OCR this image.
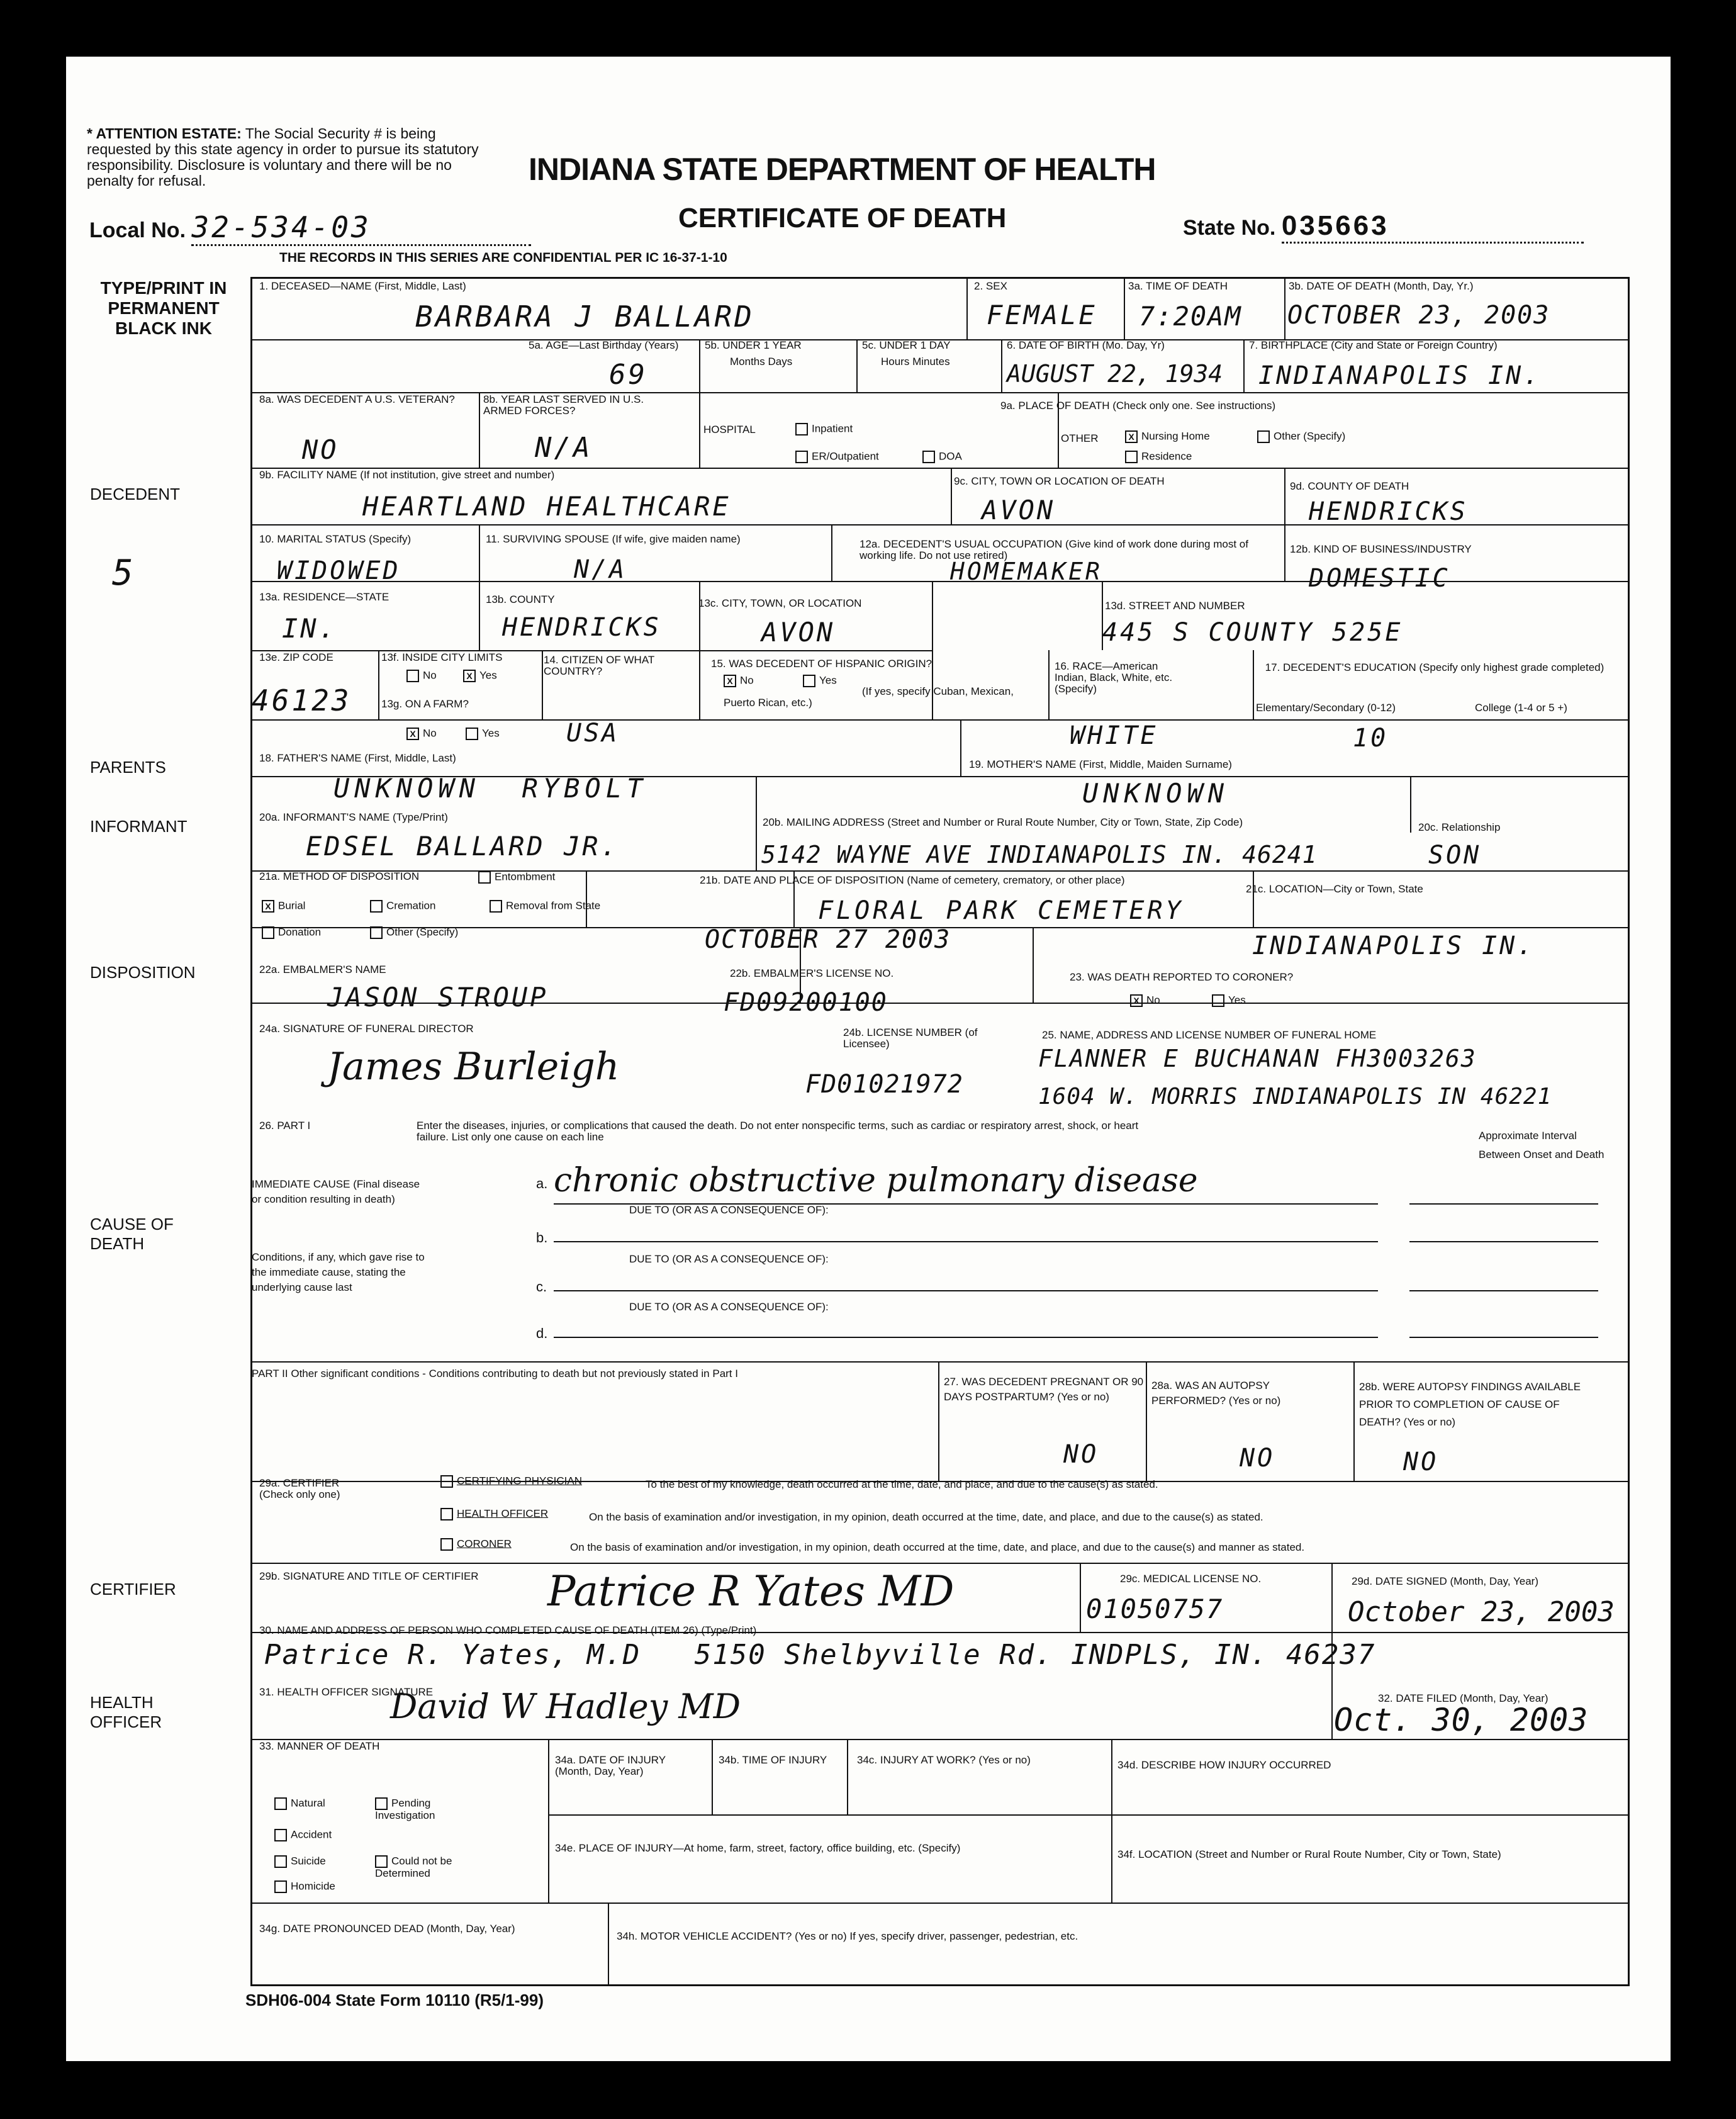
* ATTENTION ESTATE: The Social Security # is being requested by this state agency in order to pursue its statutory responsibility. Disclosure is voluntary and there will be no penalty for refusal.	INDIANA STATE DEPARTMENT OF HEALTH
CERTIFICATE OF DEATH
Local No. 32-534-03	State No. 035663
THE RECORDS IN THIS SERIES ARE CONFIDENTIAL PER IC 16-37-1-10
TYPE/PRINT IN PERMANENT BLACK INK
DECEDENT
5
PARENTS
INFORMANT
DISPOSITION
CAUSE OF DEATH
CERTIFIER
HEALTH OFFICER
1. DECEASED—NAME (First, Middle, Last)
BARBARA J BALLARD
2. SEX
FEMALE
3a. TIME OF DEATH
7:20AM
3b. DATE OF DEATH (Month, Day, Yr.)
OCTOBER 23, 2003
5a. AGE—Last Birthday (Years)
69
5b. UNDER 1 YEAR
Months Days
5c. UNDER 1 DAY
Hours Minutes
6. DATE OF BIRTH (Mo. Day, Yr)
AUGUST 22, 1934
7. BIRTHPLACE (City and State or Foreign Country)
INDIANAPOLIS IN.
8a. WAS DECEDENT A U.S. VETERAN?
NO
8b. YEAR LAST SERVED IN U.S. ARMED FORCES?
N/A
9a. PLACE OF DEATH (Check only one. See instructions)
HOSPITAL	Inpatient
ER/Outpatient	DOA
OTHER	X Nursing Home	Other (Specify)
Residence
9b. FACILITY NAME (If not institution, give street and number)
HEARTLAND HEALTHCARE
9c. CITY, TOWN OR LOCATION OF DEATH
AVON
9d. COUNTY OF DEATH
HENDRICKS
10. MARITAL STATUS (Specify)
WIDOWED
11. SURVIVING SPOUSE (If wife, give maiden name)
N/A
12a. DECEDENT'S USUAL OCCUPATION (Give kind of work done during most of working life. Do not use retired)
HOMEMAKER
12b. KIND OF BUSINESS/INDUSTRY
DOMESTIC
13a. RESIDENCE—STATE
IN.
13b. COUNTY
HENDRICKS
13c. CITY, TOWN, OR LOCATION
AVON
13d. STREET AND NUMBER
445 S COUNTY 525E
13e. ZIP CODE
46123
13f. INSIDE CITY LIMITS
No	X Yes
13g. ON A FARM?
X No	Yes
14. CITIZEN OF WHAT COUNTRY?
USA
15. WAS DECEDENT OF HISPANIC ORIGIN?
X No	Yes
(If yes, specify Cuban, Mexican, Puerto Rican, etc.)
16. RACE—American Indian, Black, White, etc. (Specify)
WHITE
17. DECEDENT'S EDUCATION (Specify only highest grade completed)
Elementary/Secondary (0-12)	College (1-4 or 5 +)
10
18. FATHER'S NAME (First, Middle, Last)
UNKNOWN  RYBOLT
19. MOTHER'S NAME (First, Middle, Maiden Surname)
UNKNOWN
20a. INFORMANT'S NAME (Type/Print)
EDSEL BALLARD JR.
20b. MAILING ADDRESS (Street and Number or Rural Route Number, City or Town, State, Zip Code)
5142 WAYNE AVE INDIANAPOLIS IN. 46241
20c. Relationship
SON
21a. METHOD OF DISPOSITION	Entombment
X Burial	Cremation	Removal from State
Donation	Other (Specify)
21b. DATE AND PLACE OF DISPOSITION (Name of cemetery, crematory, or other place)
FLORAL PARK CEMETERY
OCTOBER 27 2003
21c. LOCATION—City or Town, State
INDIANAPOLIS IN.
22a. EMBALMER'S NAME
JASON STROUP
22b. EMBALMER'S LICENSE NO.
FD09200100
23. WAS DEATH REPORTED TO CORONER?
X No	Yes
24a. SIGNATURE OF FUNERAL DIRECTOR
James Burleigh
24b. LICENSE NUMBER (of Licensee)
FD01021972
25. NAME, ADDRESS AND LICENSE NUMBER OF FUNERAL HOME
FLANNER E BUCHANAN FH3003263
1604 W. MORRIS INDIANAPOLIS IN 46221
26. PART I	Enter the diseases, injuries, or complications that caused the death. Do not enter nonspecific terms, such as cardiac or respiratory arrest, shock, or heart failure. List only one cause on each line	Approximate Interval Between Onset and Death
IMMEDIATE CAUSE (Final disease or condition resulting in death)
a. chronic obstructive pulmonary disease
DUE TO (OR AS A CONSEQUENCE OF):
b.
DUE TO (OR AS A CONSEQUENCE OF):
Conditions, if any, which gave rise to the immediate cause, stating the underlying cause last	c.
DUE TO (OR AS A CONSEQUENCE OF):
d.
PART II Other significant conditions - Conditions contributing to death but not previously stated in Part I
27. WAS DECEDENT PREGNANT OR 90 DAYS POSTPARTUM? (Yes or no)
NO
28a. WAS AN AUTOPSY PERFORMED? (Yes or no)
NO
28b. WERE AUTOPSY FINDINGS AVAILABLE PRIOR TO COMPLETION OF CAUSE OF DEATH? (Yes or no)
NO
29a. CERTIFIER (Check only one)
CERTIFYING PHYSICIAN	To the best of my knowledge, death occurred at the time, date, and place, and due to the cause(s) as stated.
HEALTH OFFICER	On the basis of examination and/or investigation, in my opinion, death occurred at the time, date, and place, and due to the cause(s) as stated.
CORONER	On the basis of examination and/or investigation, in my opinion, death occurred at the time, date, and place, and due to the cause(s) and manner as stated.
29b. SIGNATURE AND TITLE OF CERTIFIER Patrice R Yates MD	29c. MEDICAL LICENSE NO.
01050757
29d. DATE SIGNED (Month, Day, Year)
October 23, 2003
30. NAME AND ADDRESS OF PERSON WHO COMPLETED CAUSE OF DEATH (ITEM 26) (Type/Print)
Patrice R. Yates, M.D   5150 Shelbyville Rd. INDPLS, IN. 46237
31. HEALTH OFFICER SIGNATURE
David W Hadley MD	32. DATE FILED (Month, Day, Year)
Oct. 30, 2003
33. MANNER OF DEATH
Natural	Pending Investigation
Accident
Suicide	Could not be Determined
Homicide
34a. DATE OF INJURY (Month, Day, Year)
34b. TIME OF INJURY	34c. INJURY AT WORK? (Yes or no)	34d. DESCRIBE HOW INJURY OCCURRED
34e. PLACE OF INJURY—At home, farm, street, factory, office building, etc. (Specify)
34f. LOCATION (Street and Number or Rural Route Number, City or Town, State)
34g. DATE PRONOUNCED DEAD (Month, Day, Year)
34h. MOTOR VEHICLE ACCIDENT? (Yes or no) If yes, specify driver, passenger, pedestrian, etc.
SDH06-004 State Form 10110 (R5/1-99)
